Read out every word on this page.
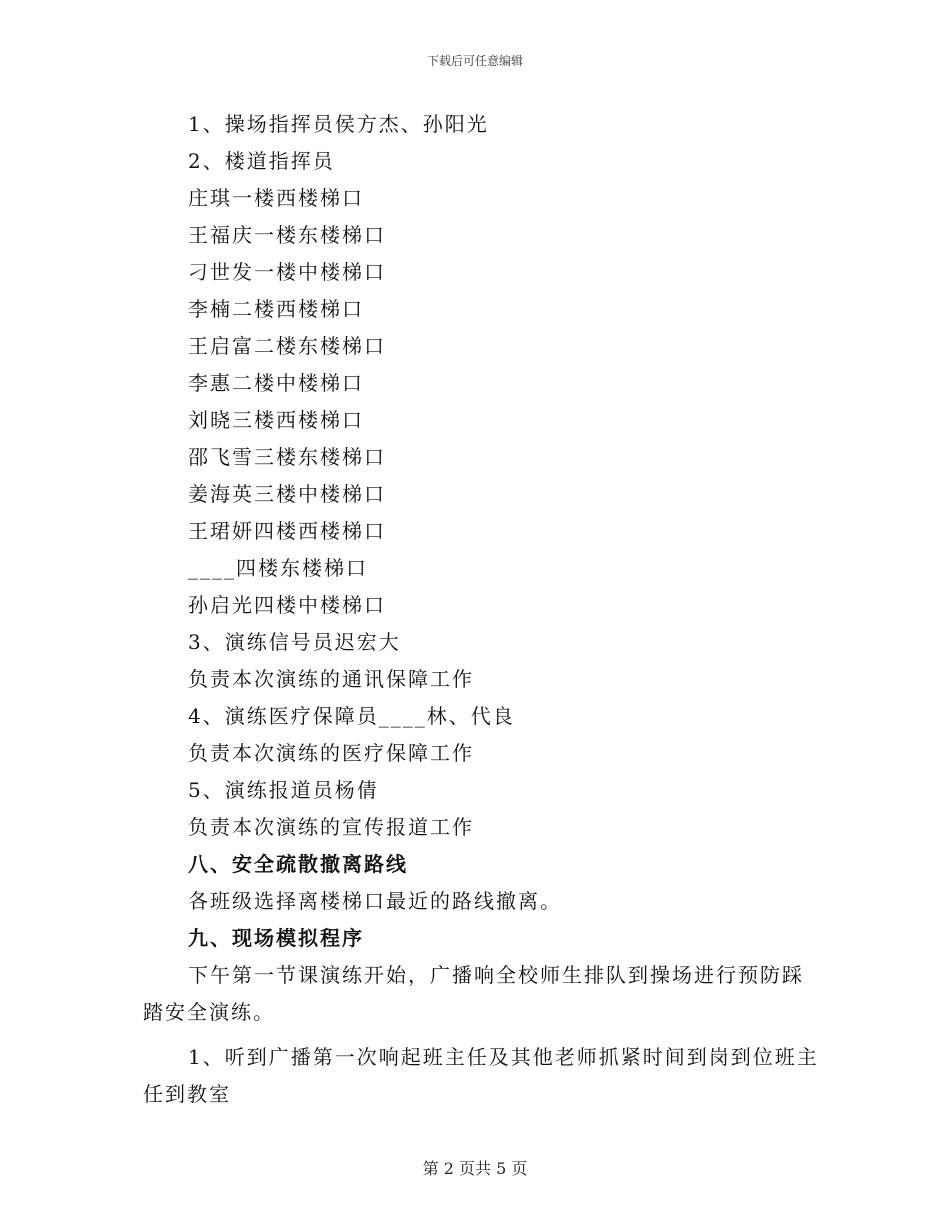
下载后可任意编辑
1、操场指挥员侯方杰、孙阳光
2、楼道指挥员
庄琪一楼西楼梯口
王福庆一楼东楼梯口
刁世发一楼中楼梯口
李楠二楼西楼梯口
王启富二楼东楼梯口
李惠二楼中楼梯口
刘晓三楼西楼梯口
邵飞雪三楼东楼梯口
姜海英三楼中楼梯口
王珺妍四楼西楼梯口
____四楼东楼梯口
孙启光四楼中楼梯口
3、演练信号员迟宏大
负责本次演练的通讯保障工作
4、演练医疗保障员____林、代良
负责本次演练的医疗保障工作
5、演练报道员杨倩
负责本次演练的宣传报道工作
八、安全疏散撤离路线
各班级选择离楼梯口最近的路线撤离。
九、现场模拟程序
下午第一节课演练开始，广播响全校师生排队到操场进行预防踩
踏安全演练。
1、听到广播第一次响起班主任及其他老师抓紧时间到岗到位班主
任到教室
第 2 页共 5 页
